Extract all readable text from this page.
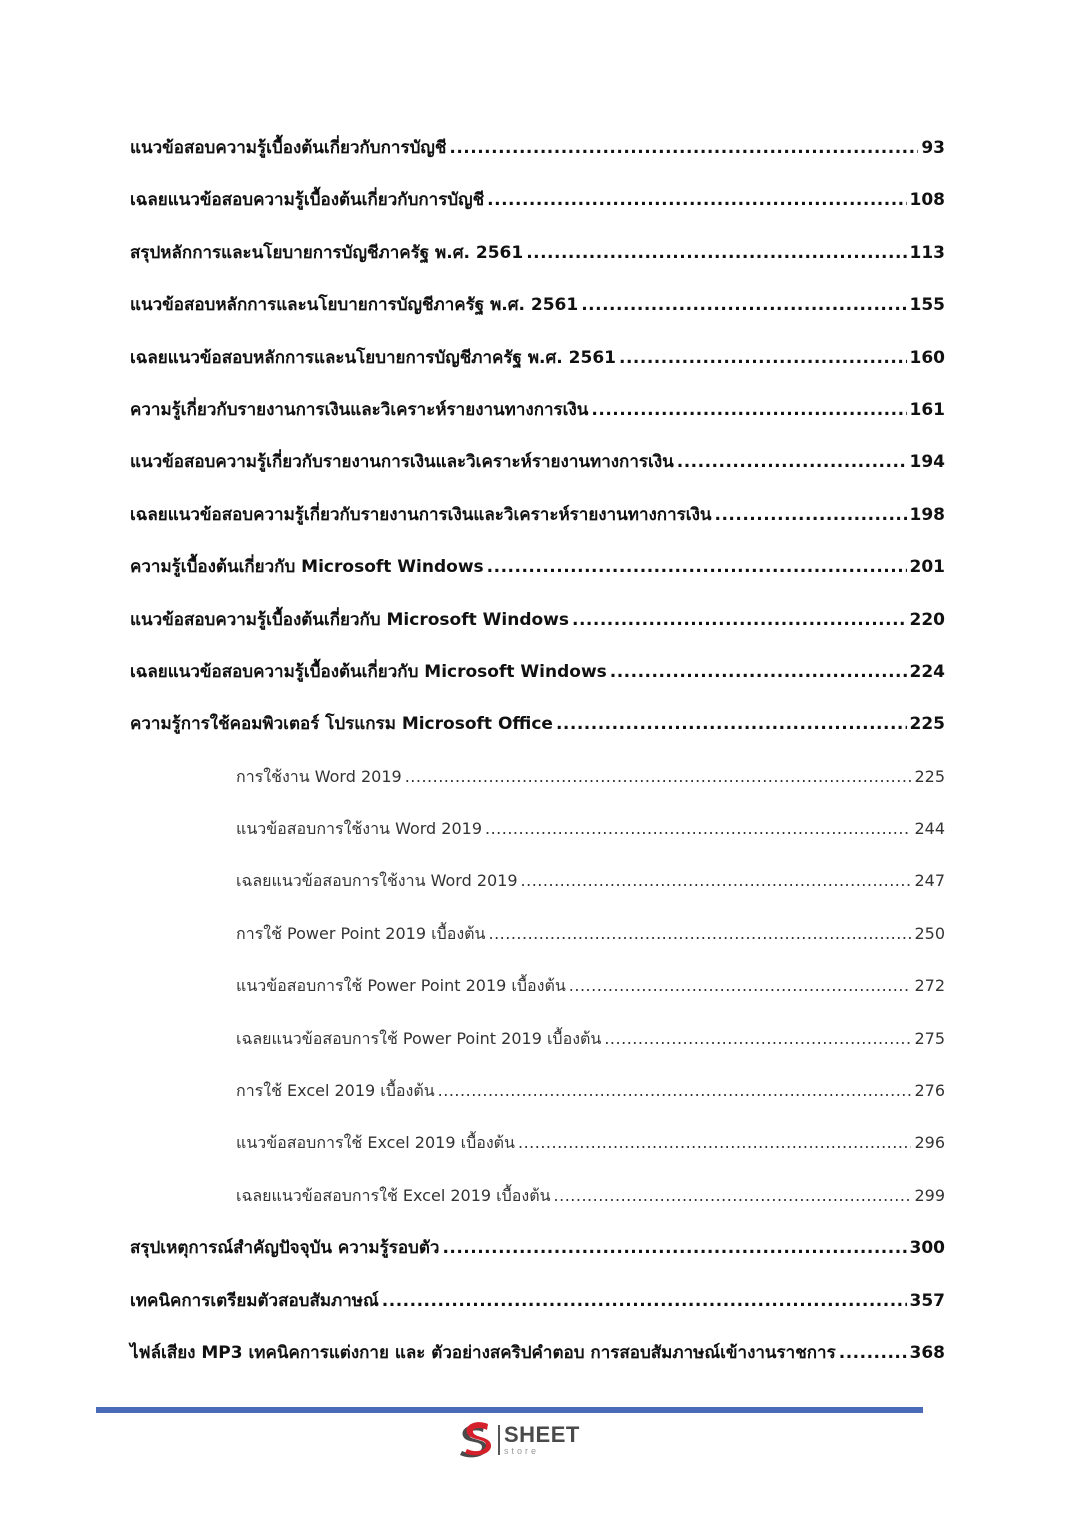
แนวข้อสอบความรู้เบื้องต้นเกี่ยวกับการบัญชี .....	93
เฉลยแนวข้อสอบความรู้เบื้องต้นเกี่ยวกับการบัญชี .....	108
สรุปหลักการและนโยบายการบัญชีภาครัฐ พ.ศ. 2561 .....	113
แนวข้อสอบหลักการและนโยบายการบัญชีภาครัฐ พ.ศ. 2561 .....	155
เฉลยแนวข้อสอบหลักการและนโยบายการบัญชีภาครัฐ พ.ศ. 2561 .....	160
ความรู้เกี่ยวกับรายงานการเงินและวิเคราะห์รายงานทางการเงิน .....	161
แนวข้อสอบความรู้เกี่ยวกับรายงานการเงินและวิเคราะห์รายงานทางการเงิน .....	194
เฉลยแนวข้อสอบความรู้เกี่ยวกับรายงานการเงินและวิเคราะห์รายงานทางการเงิน .....	198
ความรู้เบื้องต้นเกี่ยวกับ Microsoft Windows .....	201
แนวข้อสอบความรู้เบื้องต้นเกี่ยวกับ Microsoft Windows .....	220
เฉลยแนวข้อสอบความรู้เบื้องต้นเกี่ยวกับ Microsoft Windows .....	224
ความรู้การใช้คอมพิวเตอร์ โปรแกรม Microsoft Office .....	225
การใช้งาน Word 2019 .....	225
แนวข้อสอบการใช้งาน Word 2019 .....	244
เฉลยแนวข้อสอบการใช้งาน Word 2019 .....	247
การใช้ Power Point 2019 เบื้องต้น .....	250
แนวข้อสอบการใช้ Power Point 2019 เบื้องต้น .....	272
เฉลยแนวข้อสอบการใช้ Power Point 2019 เบื้องต้น .....	275
การใช้ Excel 2019 เบื้องต้น .....	276
แนวข้อสอบการใช้ Excel 2019 เบื้องต้น .....	296
เฉลยแนวข้อสอบการใช้ Excel 2019 เบื้องต้น .....	299
สรุปเหตุการณ์สำคัญปัจจุบัน ความรู้รอบตัว .....	300
เทคนิคการเตรียมตัวสอบสัมภาษณ์ .....	357
ไฟล์เสียง MP3 เทคนิคการแต่งกาย และ ตัวอย่างสคริปคำตอบ การสอบสัมภาษณ์เข้างานราชการ .....	368
SHEET
store
